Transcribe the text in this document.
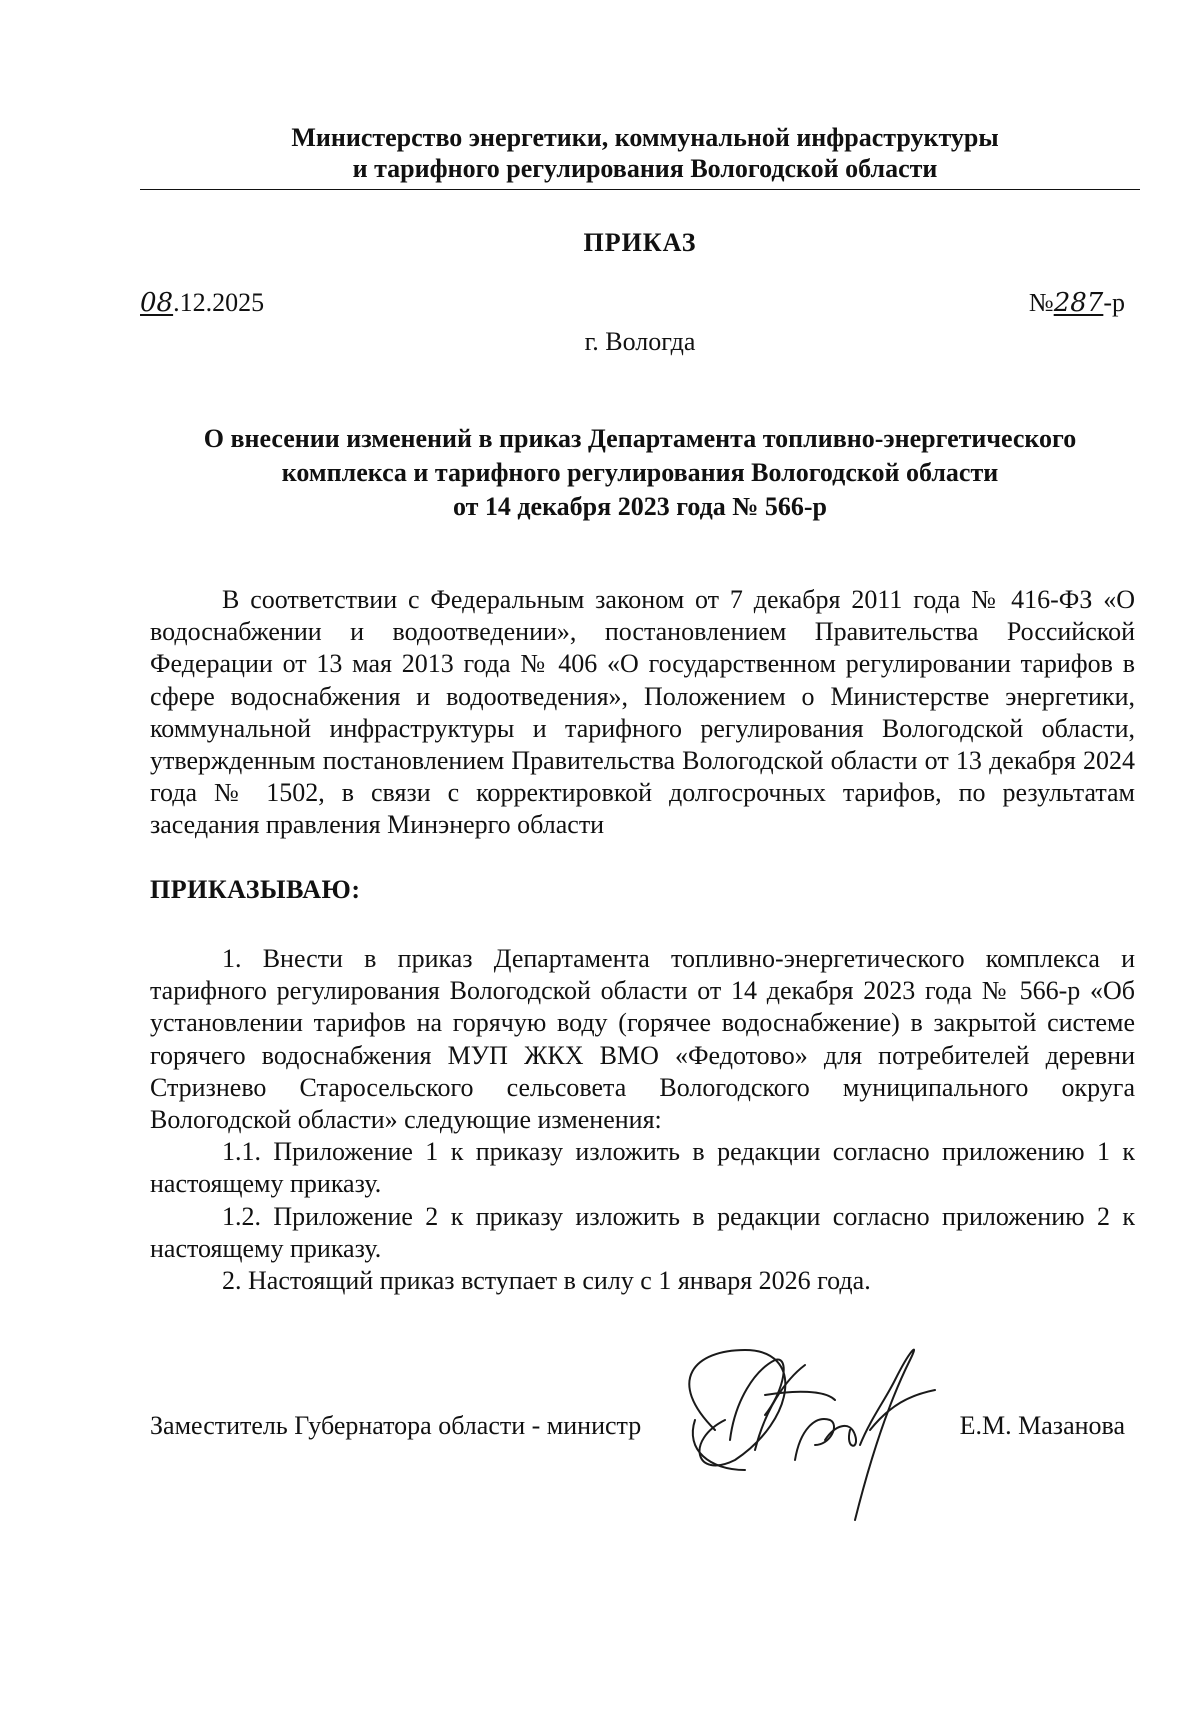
Министерство энергетики, коммунальной инфраструктуры
и тарифного регулирования Вологодской области
ПРИКАЗ
08.12.2025	№287-р
г. Вологда
О внесении изменений в приказ Департамента топливно-энергетического
комплекса и тарифного регулирования Вологодской области
от 14 декабря 2023 года № 566-р

В соответствии с Федеральным законом от 7 декабря 2011 года № 416-ФЗ «О водоснабжении и водоотведении», постановлением Правительства Российской Федерации от 13 мая 2013 года № 406 «О государственном регулировании тарифов в сфере водоснабжения и водоотведения», Положением о Министерстве энергетики, коммунальной инфраструктуры и тарифного регулирования Вологодской области, утвержденным постановлением Правительства Вологодской области от 13 декабря 2024 года № 1502, в связи с корректировкой долгосрочных тарифов, по результатам заседания правления Минэнерго области

ПРИКАЗЫВАЮ:

1. Внести в приказ Департамента топливно-энергетического комплекса и тарифного регулирования Вологодской области от 14 декабря 2023 года № 566-р «Об установлении тарифов на горячую воду (горячее водоснабжение) в закрытой системе горячего водоснабжения МУП ЖКХ ВМО «Федотово» для потребителей деревни Стризнево Старосельского сельсовета Вологодского муниципального округа Вологодской области» следующие изменения:

1.1. Приложение 1 к приказу изложить в редакции согласно приложению 1 к настоящему приказу.

1.2. Приложение 2 к приказу изложить в редакции согласно приложению 2 к настоящему приказу.

2. Настоящий приказ вступает в силу с 1 января 2026 года.

Заместитель Губернатора области - министр	Е.М. Мазанова
